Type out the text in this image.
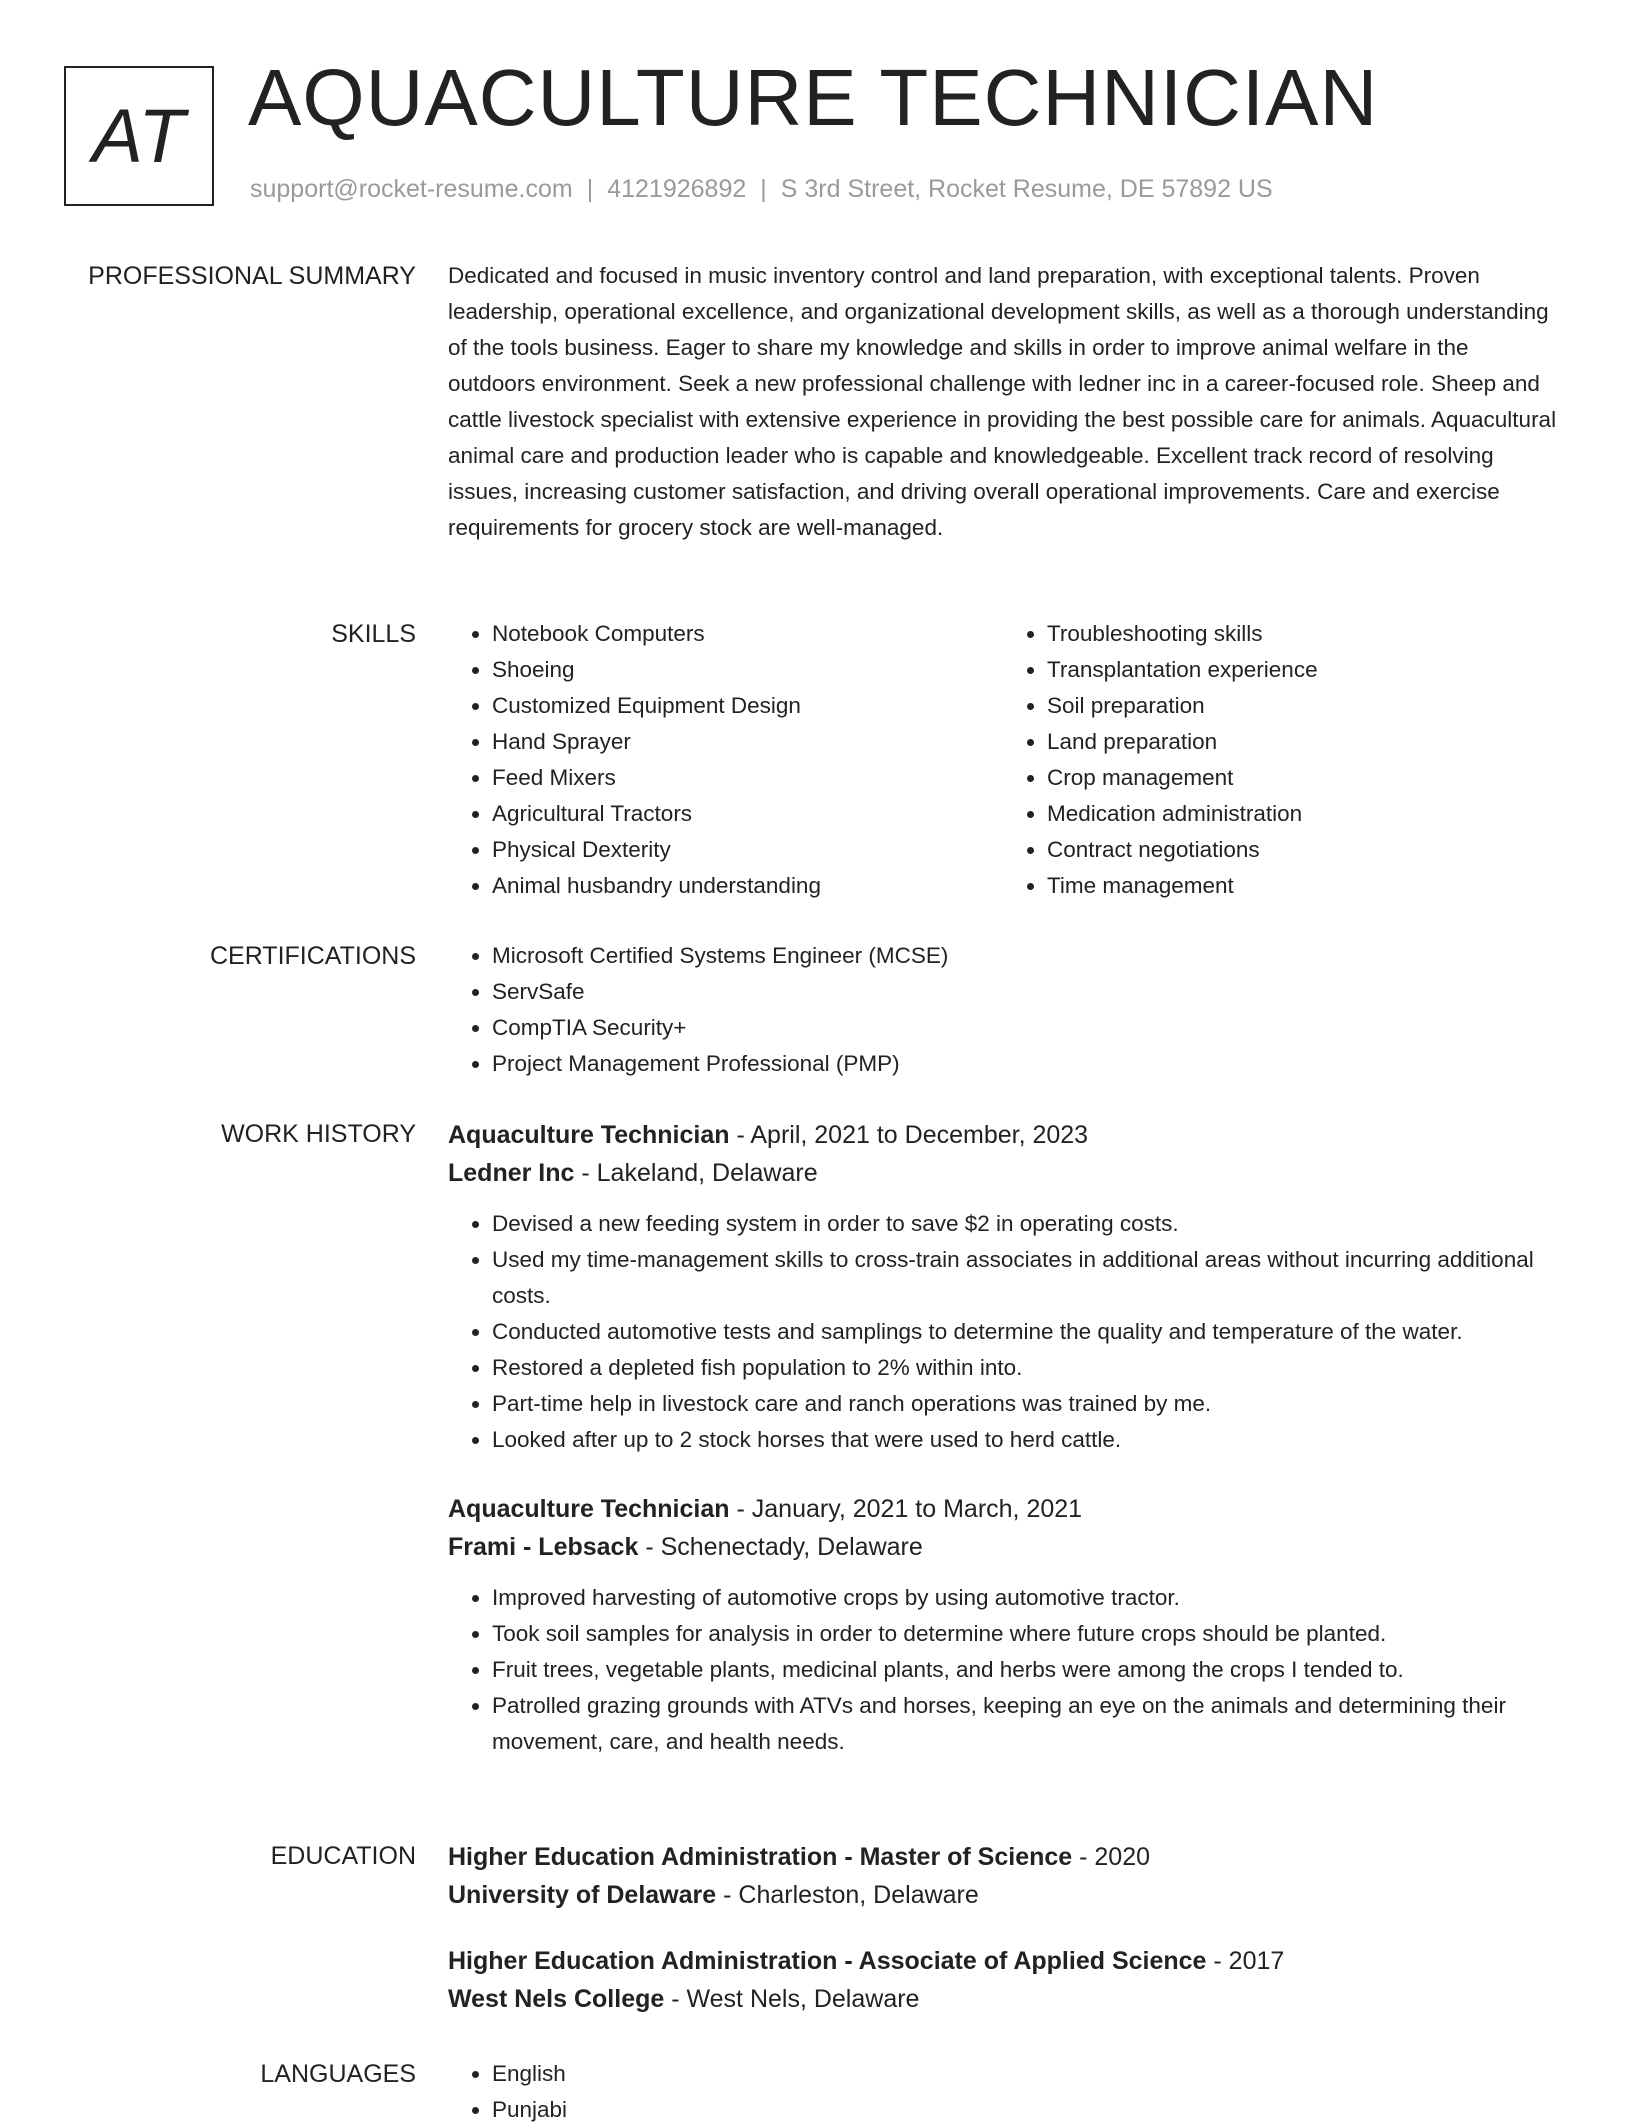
AT AQUACULTURE TECHNICIAN
support@rocket-resume.com | 4121926892 | S 3rd Street, Rocket Resume, DE 57892 US
PROFESSIONAL SUMMARY Dedicated and focused in music inventory control and land preparation, with exceptional talents. Proven leadership, operational excellence, and organizational development skills, as well as a thorough understanding of the tools business. Eager to share my knowledge and skills in order to improve animal welfare in the outdoors environment. Seek a new professional challenge with ledner inc in a career-focused role. Sheep and cattle livestock specialist with extensive experience in providing the best possible care for animals. Aquacultural animal care and production leader who is capable and knowledgeable. Excellent track record of resolving issues, increasing customer satisfaction, and driving overall operational improvements. Care and exercise requirements for grocery stock are well-managed.

SKILLS	• Notebook Computers
• Shoeing
• Customized Equipment Design
• Hand Sprayer
• Feed Mixers
• Agricultural Tractors
• Physical Dexterity
• Animal husbandry understanding
• Troubleshooting skills
• Transplantation experience
• Soil preparation
• Land preparation
• Crop management
• Medication administration
• Contract negotiations
• Time management
CERTIFICATIONS	• Microsoft Certified Systems Engineer (MCSE)
• ServSafe
• CompTIA Security+
• Project Management Professional (PMP)
WORK HISTORY Aquaculture Technician - April, 2021 to December, 2023
Ledner Inc - Lakeland, Delaware
• Devised a new feeding system in order to save $2 in operating costs.
• Used my time-management skills to cross-train associates in additional areas without incurring additional costs.
• Conducted automotive tests and samplings to determine the quality and temperature of the water.
• Restored a depleted fish population to 2% within into.
• Part-time help in livestock care and ranch operations was trained by me.
• Looked after up to 2 stock horses that were used to herd cattle.
Aquaculture Technician - January, 2021 to March, 2021
Frami - Lebsack - Schenectady, Delaware
• Improved harvesting of automotive crops by using automotive tractor.
• Took soil samples for analysis in order to determine where future crops should be planted.
• Fruit trees, vegetable plants, medicinal plants, and herbs were among the crops I tended to.
• Patrolled grazing grounds with ATVs and horses, keeping an eye on the animals and determining their movement, care, and health needs.
EDUCATION Higher Education Administration - Master of Science - 2020
University of Delaware - Charleston, Delaware
Higher Education Administration - Associate of Applied Science - 2017
West Nels College - West Nels, Delaware
LANGUAGES	• English
• Punjabi
